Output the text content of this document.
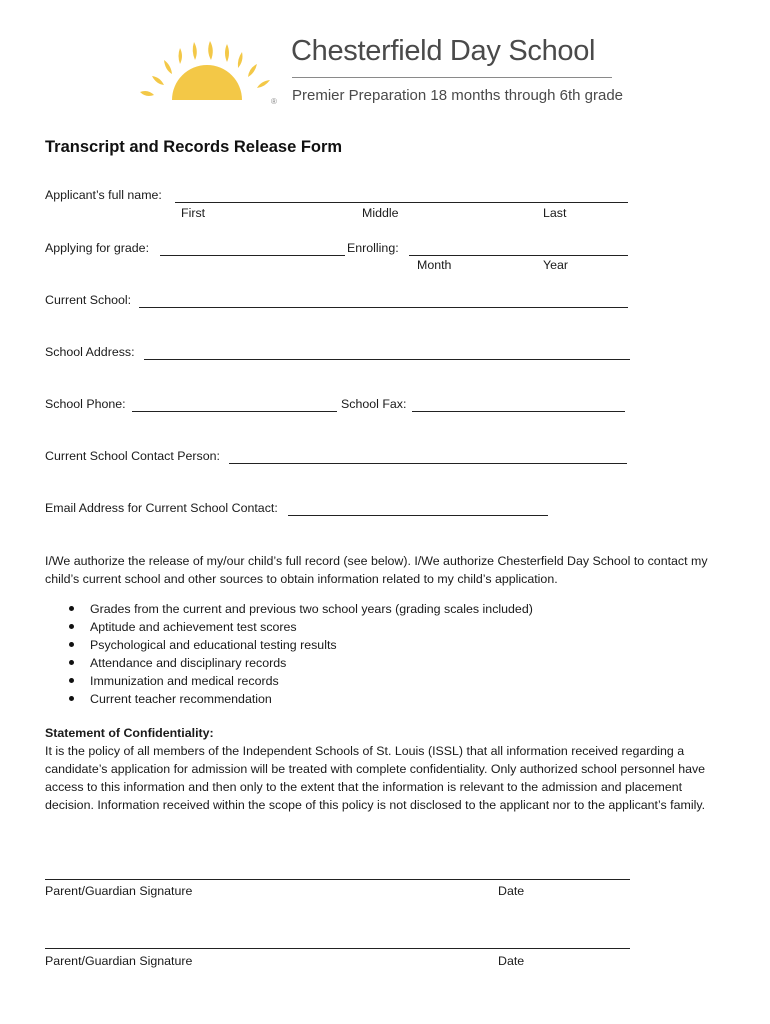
®
Chesterfield Day School
Premier Preparation 18 months through 6th grade
Transcript and Records Release Form
Applicant’s full name:
First	Middle	Last
Applying for grade:	Enrolling:
Month	Year
Current School:
School Address:
School Phone:	School Fax:
Current School Contact Person:
Email Address for Current School Contact:
I/We authorize the release of my/our child’s full record (see below). I/We authorize Chesterfield Day School to contact my child’s current school and other sources to obtain information related to my child’s application.
Grades from the current and previous two school years (grading scales included)
Aptitude and achievement test scores
Psychological and educational testing results
Attendance and disciplinary records
Immunization and medical records
Current teacher recommendation
Statement of Confidentiality:
It is the policy of all members of the Independent Schools of St. Louis (ISSL) that all information received regarding a candidate’s application for admission will be treated with complete confidentiality. Only authorized school personnel have access to this information and then only to the extent that the information is relevant to the admission and placement decision. Information received within the scope of this policy is not disclosed to the applicant nor to the applicant’s family.
Parent/Guardian Signature	Date
Parent/Guardian Signature	Date
